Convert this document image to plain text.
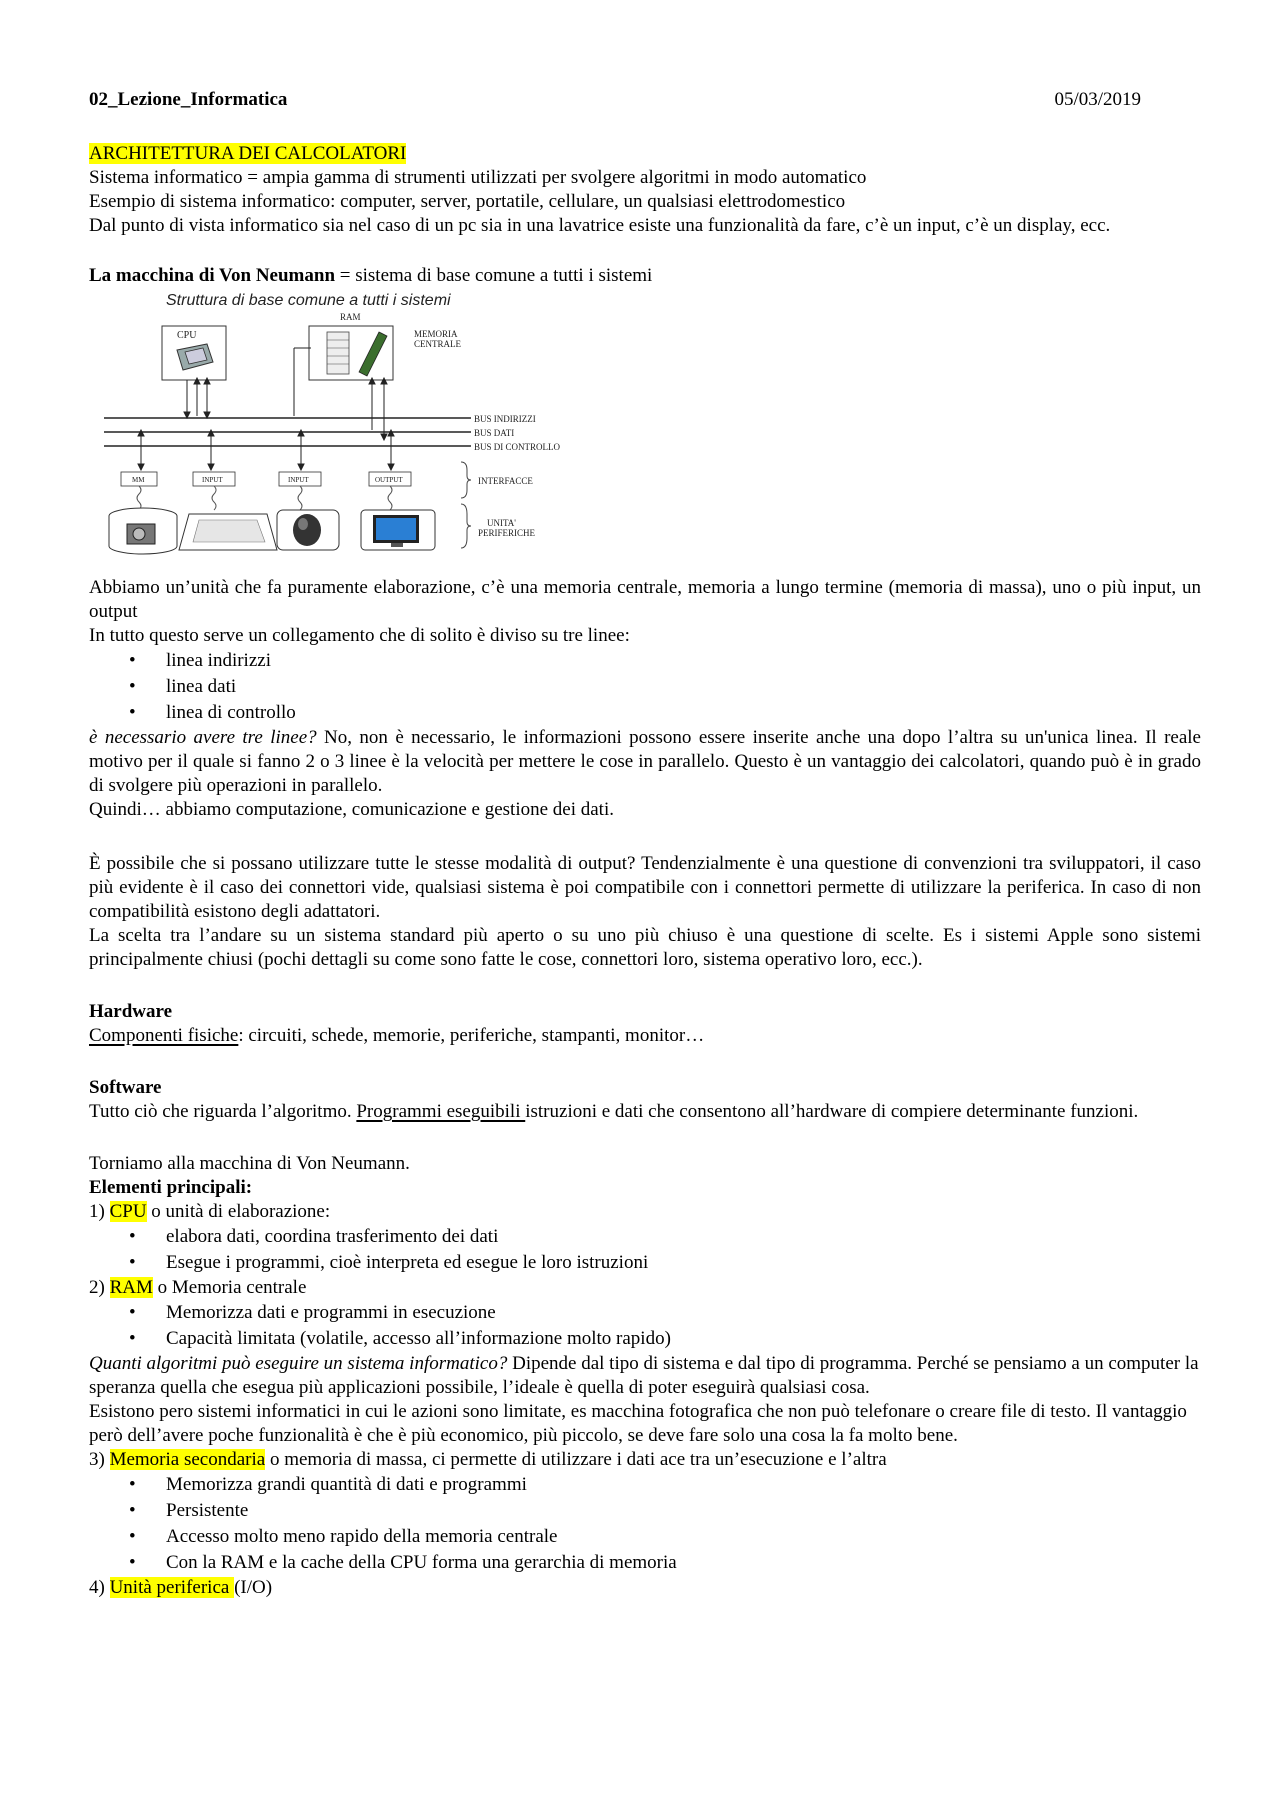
02_Lezione_Informatica	05/03/2019

ARCHITETTURA DEI CALCOLATORI

Sistema informatico = ampia gamma di strumenti utilizzati per svolgere algoritmi in modo automatico

Esempio di sistema informatico: computer, server, portatile, cellulare, un qualsiasi elettrodomestico

Dal punto di vista informatico sia nel caso di un pc sia in una lavatrice esiste una funzionalità da fare, c’è un input, c’è un display, ecc.

La macchina di Von Neumann = sistema di base comune a tutti i sistemi

Struttura di base comune a tutti i sistemi
CPU
RAM
MEMORIA
CENTRALE
BUS INDIRIZZI
BUS DATI
BUS DI CONTROLLO
MM	INPUT	INPUT	OUTPUT	INTERFACCE
UNITA'
PERIFERICHE

Abbiamo un’unità che fa puramente elaborazione, c’è una memoria centrale, memoria a lungo termine (memoria di massa), uno o più input, un output

In tutto questo serve un collegamento che di solito è diviso su tre linee:

• linea indirizzi
• linea dati
• linea di controllo

è necessario avere tre linee? No, non è necessario, le informazioni possono essere inserite anche una dopo l’altra su un'unica linea. Il reale motivo per il quale si fanno 2 o 3 linee è la velocità per mettere le cose in parallelo. Questo è un vantaggio dei calcolatori, quando può è in grado di svolgere più operazioni in parallelo.

Quindi… abbiamo computazione, comunicazione e gestione dei dati.

È possibile che si possano utilizzare tutte le stesse modalità di output? Tendenzialmente è una questione di convenzioni tra sviluppatori, il caso più evidente è il caso dei connettori vide, qualsiasi sistema è poi compatibile con i connettori permette di utilizzare la periferica. In caso di non compatibilità esistono degli adattatori.

La scelta tra l’andare su un sistema standard più aperto o su uno più chiuso è una questione di scelte. Es i sistemi Apple sono sistemi principalmente chiusi (pochi dettagli su come sono fatte le cose, connettori loro, sistema operativo loro, ecc.).

Hardware

Componenti fisiche: circuiti, schede, memorie, periferiche, stampanti, monitor…

Software

Tutto ciò che riguarda l’algoritmo. Programmi eseguibili istruzioni e dati che consentono all’hardware di compiere determinante funzioni.

Torniamo alla macchina di Von Neumann.

Elementi principali:

1) CPU o unità di elaborazione:

• elabora dati, coordina trasferimento dei dati
• Esegue i programmi, cioè interpreta ed esegue le loro istruzioni

2) RAM o Memoria centrale

• Memorizza dati e programmi in esecuzione
• Capacità limitata (volatile, accesso all’informazione molto rapido)

Quanti algoritmi può eseguire un sistema informatico? Dipende dal tipo di sistema e dal tipo di programma. Perché se pensiamo a un computer la speranza quella che esegua più applicazioni possibile, l’ideale è quella di poter eseguirà qualsiasi cosa.

Esistono pero sistemi informatici in cui le azioni sono limitate, es macchina fotografica che non può telefonare o creare file di testo. Il vantaggio però dell’avere poche funzionalità è che è più economico, più piccolo, se deve fare solo una cosa la fa molto bene.

3) Memoria secondaria o memoria di massa, ci permette di utilizzare i dati ace tra un’esecuzione e l’altra

• Memorizza grandi quantità di dati e programmi
• Persistente
• Accesso molto meno rapido della memoria centrale
• Con la RAM e la cache della CPU forma una gerarchia di memoria

4) Unità periferica (I/O)
